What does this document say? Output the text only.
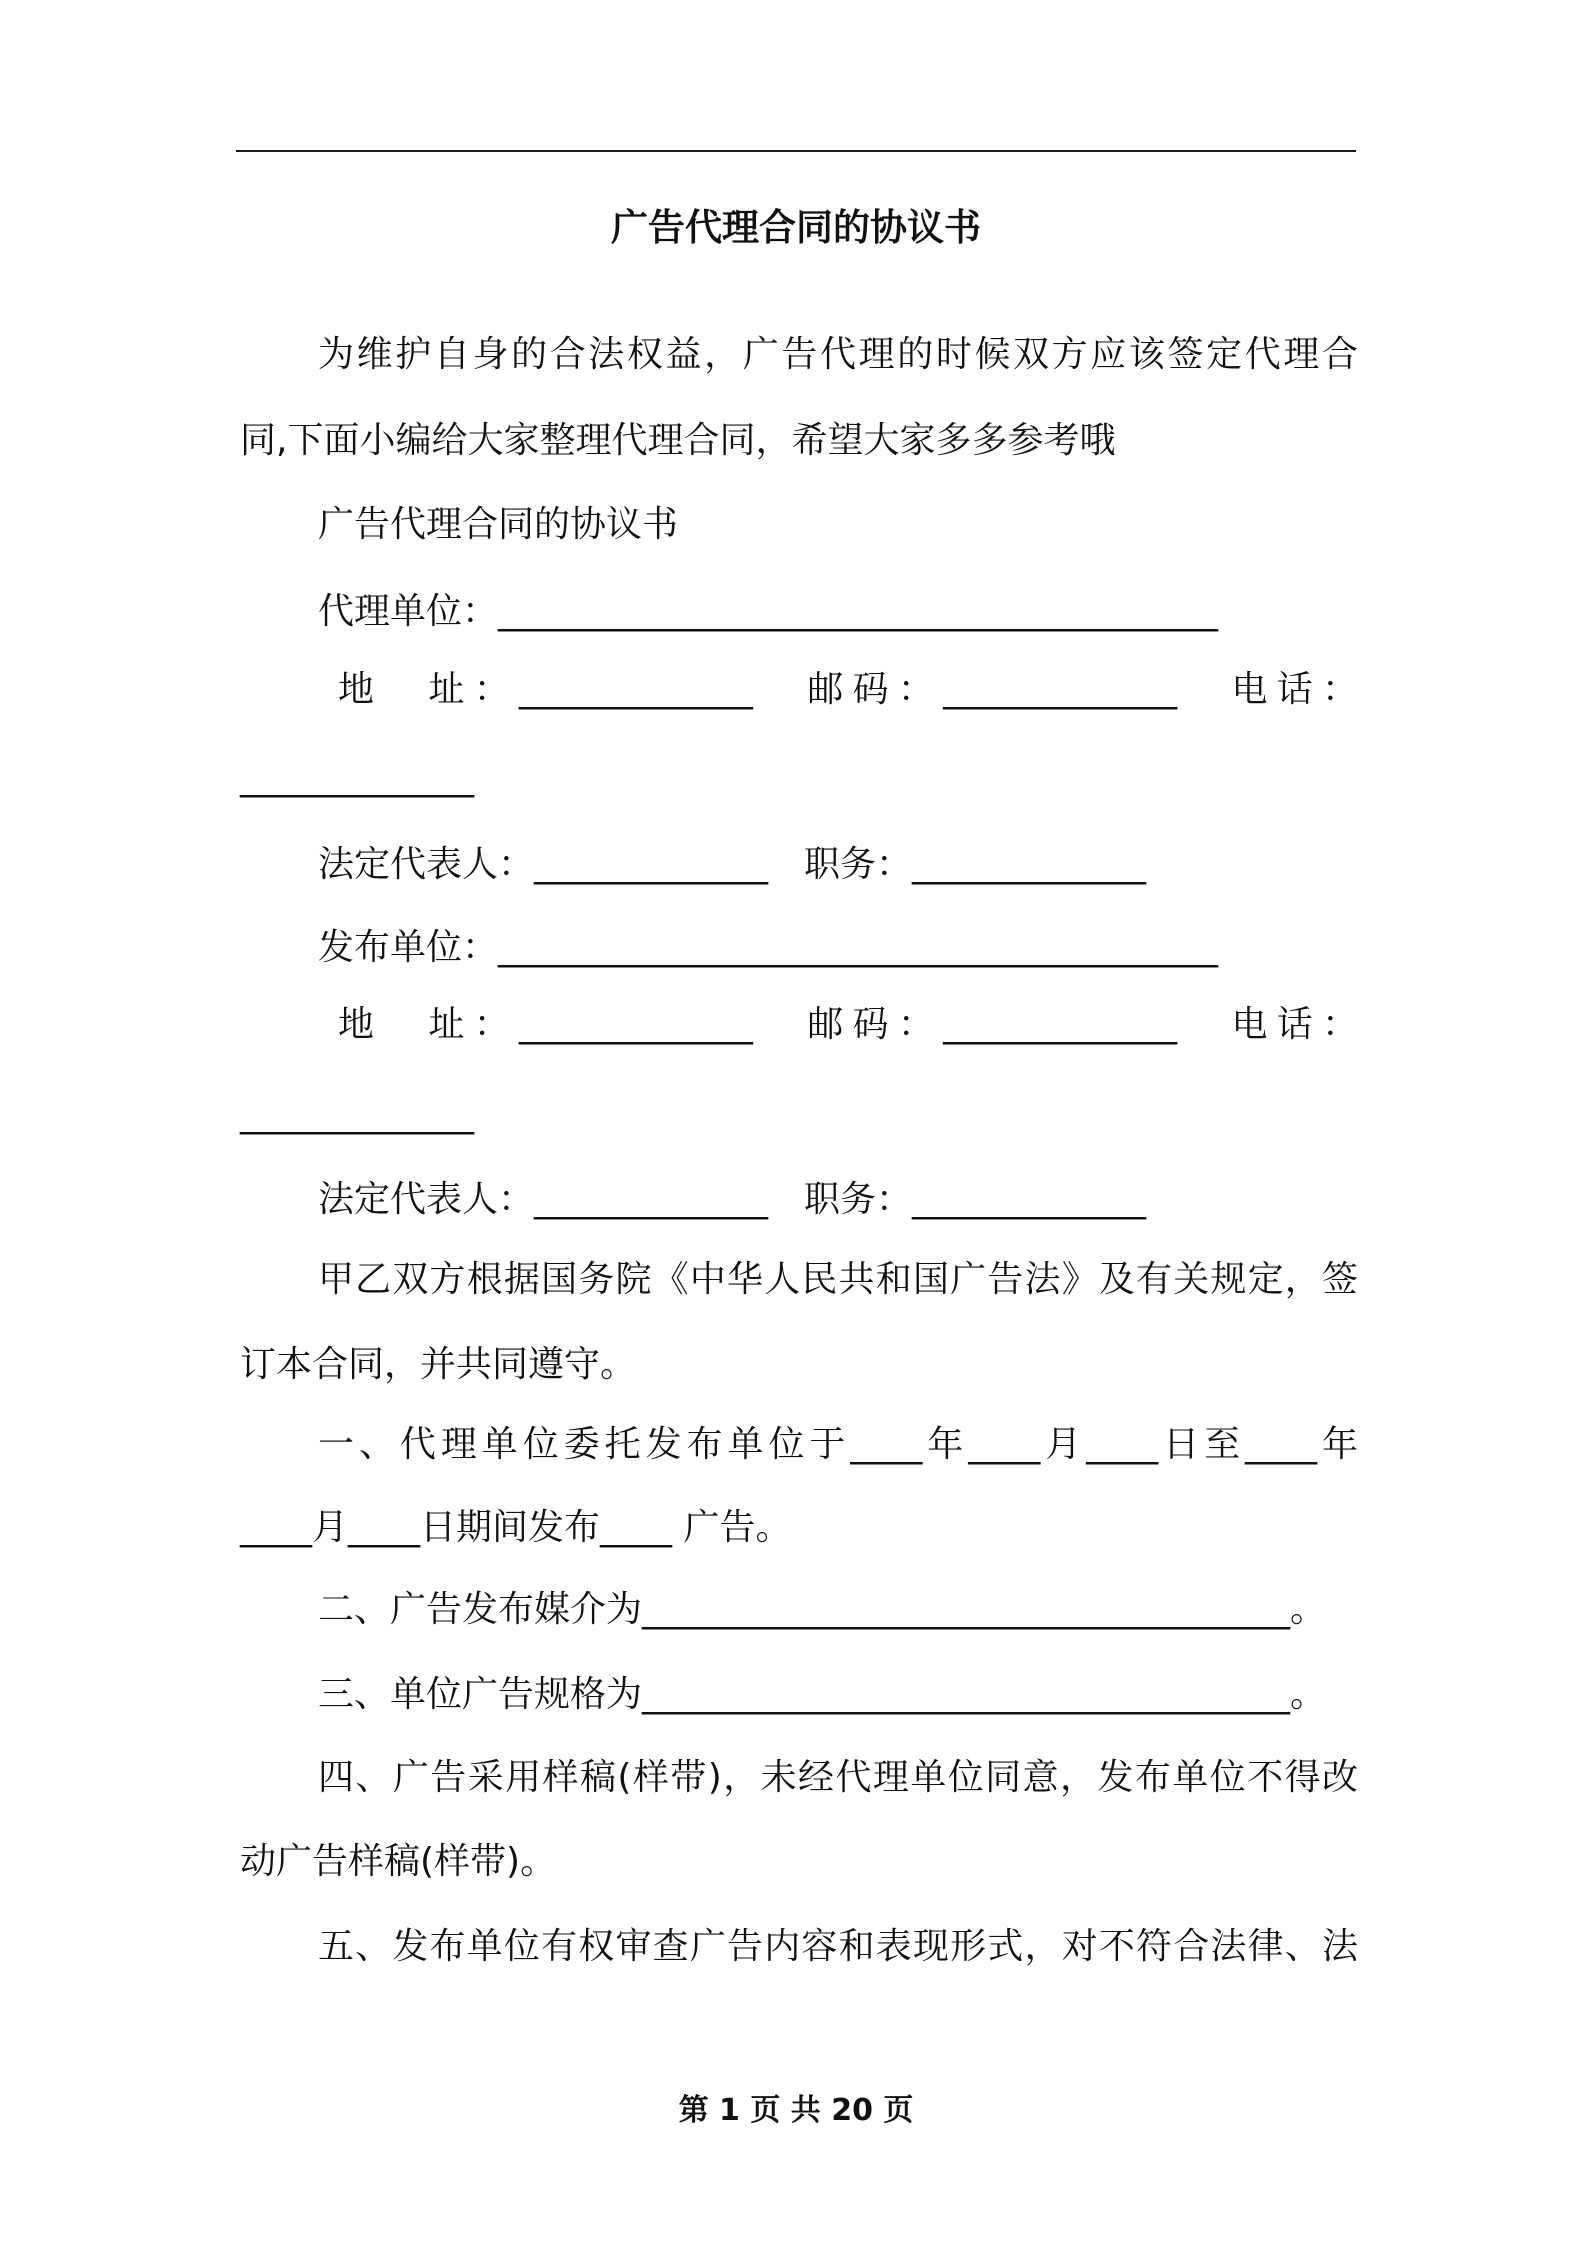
广告代理合同的协议书
为维护自身的合法权益，广告代理的时候双方应该签定代理合
同,下面小编给大家整理代理合同，希望大家多多参考哦
广告代理合同的协议书
代理单位：________________________________________
地　址：_____________　邮码：_____________　电话：
_____________
法定代表人：_____________　职务：_____________
发布单位：________________________________________
地　址：_____________　邮码：_____________　电话：
_____________
法定代表人：_____________　职务：_____________
甲乙双方根据国务院《中华人民共和国广告法》及有关规定，签
订本合同，并共同遵守。
一、代理单位委托发布单位于____年____月____日至____年
____月____日期间发布____ 广告。
二、广告发布媒介为____________________________________。
三、单位广告规格为____________________________________。
四、广告采用样稿(样带)，未经代理单位同意，发布单位不得改
动广告样稿(样带)。
五、发布单位有权审查广告内容和表现形式，对不符合法律、法
第 1 页 共 20 页
